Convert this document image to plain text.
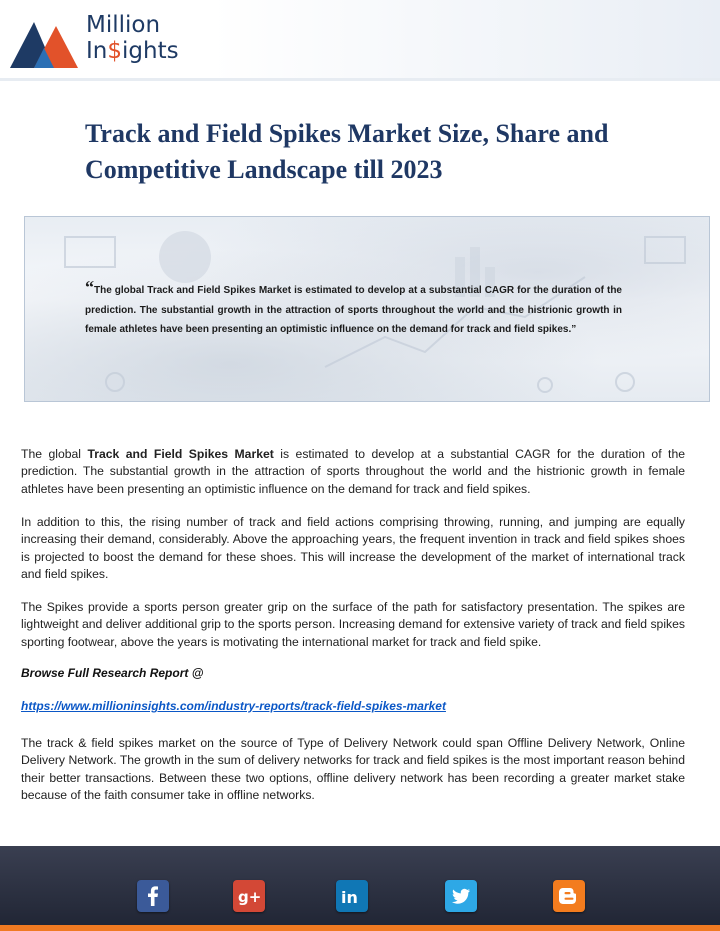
Million
In$ights
Track and Field Spikes Market Size, Share and Competitive Landscape till 2023
“The global Track and Field Spikes Market is estimated to develop at a substantial CAGR for the duration of the prediction. The substantial growth in the attraction of sports throughout the world and the histrionic growth in female athletes have been presenting an optimistic influence on the demand for track and field spikes.”

The global Track and Field Spikes Market is estimated to develop at a substantial CAGR for the duration of the prediction. The substantial growth in the attraction of sports throughout the world and the histrionic growth in female athletes have been presenting an optimistic influence on the demand for track and field spikes.

In addition to this, the rising number of track and field actions comprising throwing, running, and jumping are equally increasing their demand, considerably. Above the approaching years, the frequent invention in track and field spikes shoes is projected to boost the demand for these shoes. This will increase the development of the market of international track and field spikes.

The Spikes provide a sports person greater grip on the surface of the path for satisfactory presentation. The spikes are lightweight and deliver additional grip to the sports person. Increasing demand for extensive variety of track and field spikes sporting footwear, above the years is motivating the international market for track and field spike.

Browse Full Research Report @

https://www.millioninsights.com/industry-reports/track-field-spikes-market

The track & field spikes market on the source of Type of Delivery Network could span Offline Delivery Network, Online Delivery Network. The growth in the sum of delivery networks for track and field spikes is the most important reason behind their better transactions. Between these two options, offline delivery network has been recording a greater market stake because of the faith consumer take in offline networks.

g+	in
